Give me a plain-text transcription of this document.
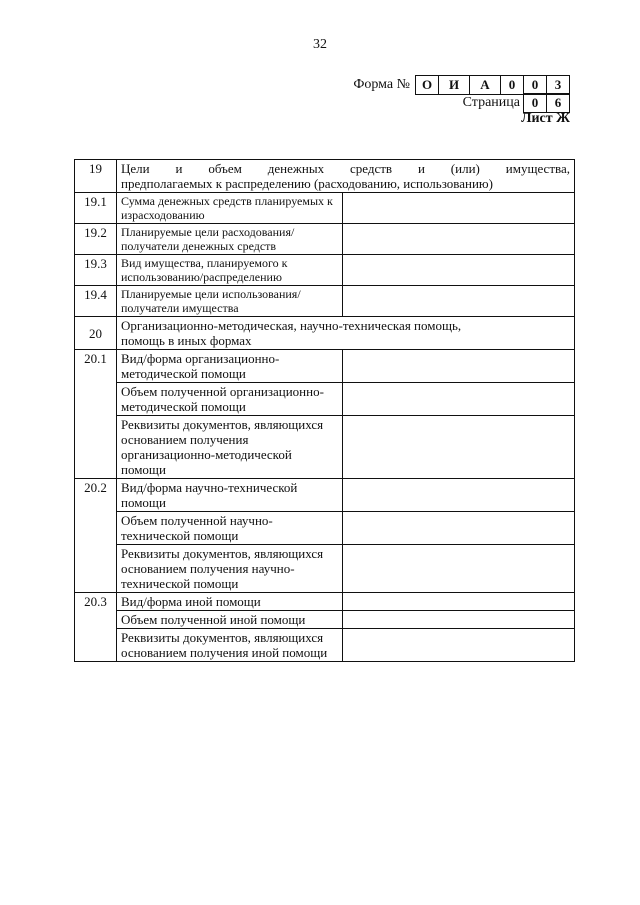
32
Форма № О	И	А	0	0	3
Страница 0	6
Лист Ж
19	Цели и объем денежных средств и (или) имущества,
предполагаемых к распределению (расходованию, использованию)	

19.1	Сумма денежных средств планируемых к израсходованию	
19.2	Планируемые цели расходования/ получатели денежных средств	
19.3	Вид имущества, планируемого к использованию/распределению	
19.4	Планируемые цели использования/ получатели имущества	
20	Организационно-методическая, научно-техническая помощь,
помощь в иных формах	

20.1	Вид/форма организационно-методической помощи	
	Объем полученной организационно-методической помощи	
	Реквизиты документов, являющихся основанием получения организационно-методической помощи	
20.2	Вид/форма научно-технической помощи	
	Объем полученной научно-технической помощи	
	Реквизиты документов, являющихся основанием получения научно-технической помощи	
20.3	Вид/форма иной помощи	
	Объем полученной иной помощи	
	Реквизиты документов, являющихся основанием получения иной помощи	
